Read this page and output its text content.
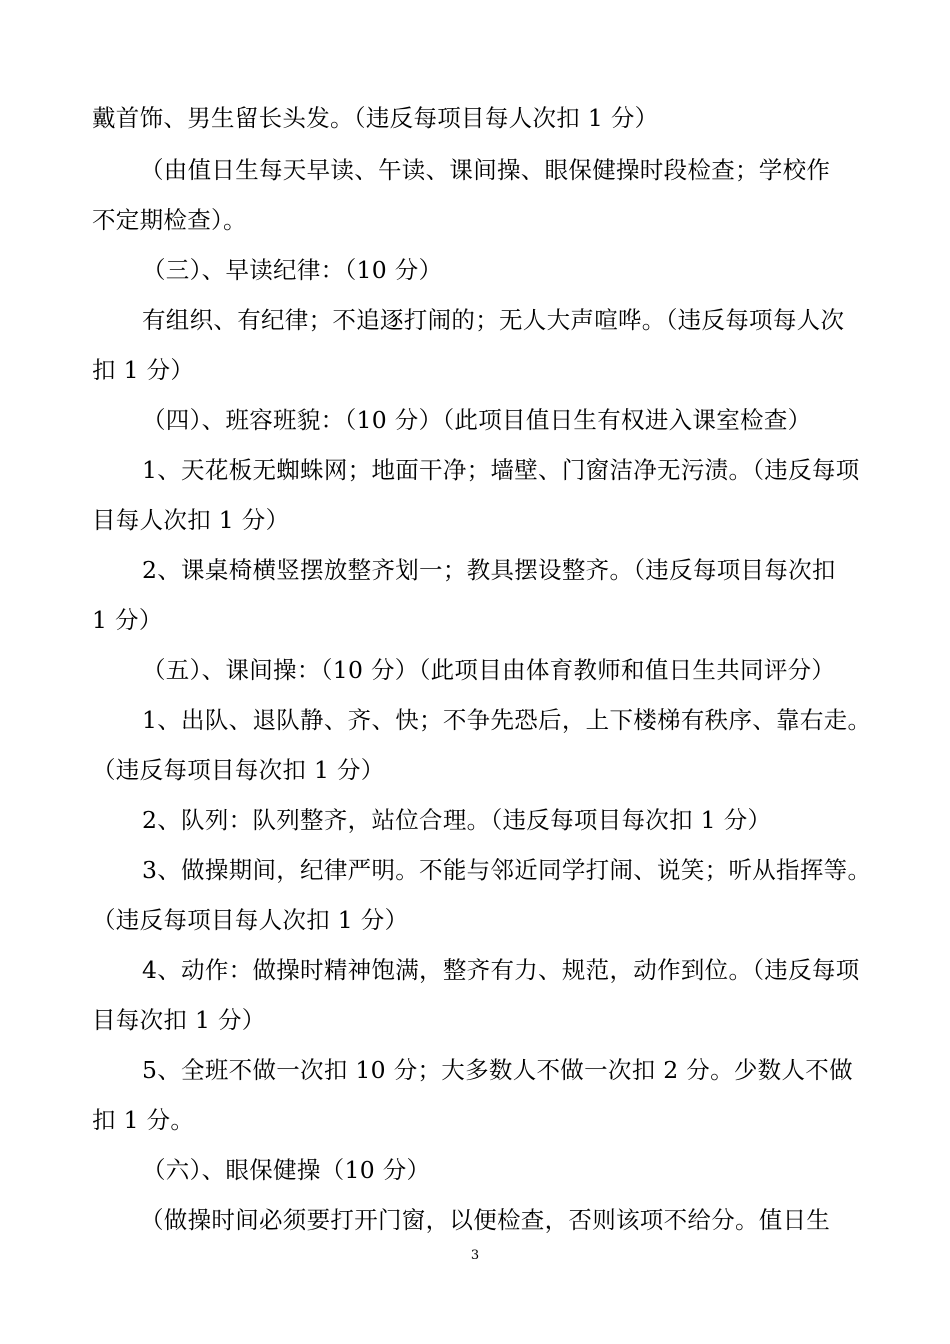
戴首饰、男生留长头发。（违反每项目每人次扣 1 分）
（由值日生每天早读、午读、课间操、眼保健操时段检查；学校作
不定期检查）。
（三）、早读纪律：（10 分）
有组织、有纪律；不追逐打闹的；无人大声喧哗。（违反每项每人次
扣 1 分）
（四）、班容班貌：（10 分）（此项目值日生有权进入课室检查）
1、天花板无蜘蛛网；地面干净；墙壁、门窗洁净无污渍。（违反每项
目每人次扣 1 分）
2、课桌椅横竖摆放整齐划一；教具摆设整齐。（违反每项目每次扣
1 分）
（五）、课间操：（10 分）（此项目由体育教师和值日生共同评分）
1、出队、退队静、齐、快；不争先恐后，上下楼梯有秩序、靠右走。
（违反每项目每次扣 1 分）
2、队列：队列整齐，站位合理。（违反每项目每次扣 1 分）
3、做操期间，纪律严明。不能与邻近同学打闹、说笑；听从指挥等。
（违反每项目每人次扣 1 分）
4、动作：做操时精神饱满，整齐有力、规范，动作到位。（违反每项
目每次扣 1 分）
5、全班不做一次扣 10 分；大多数人不做一次扣 2 分。少数人不做
扣 1 分。
（六）、眼保健操（10 分）
（做操时间必须要打开门窗，以便检查，否则该项不给分。值日生
3
